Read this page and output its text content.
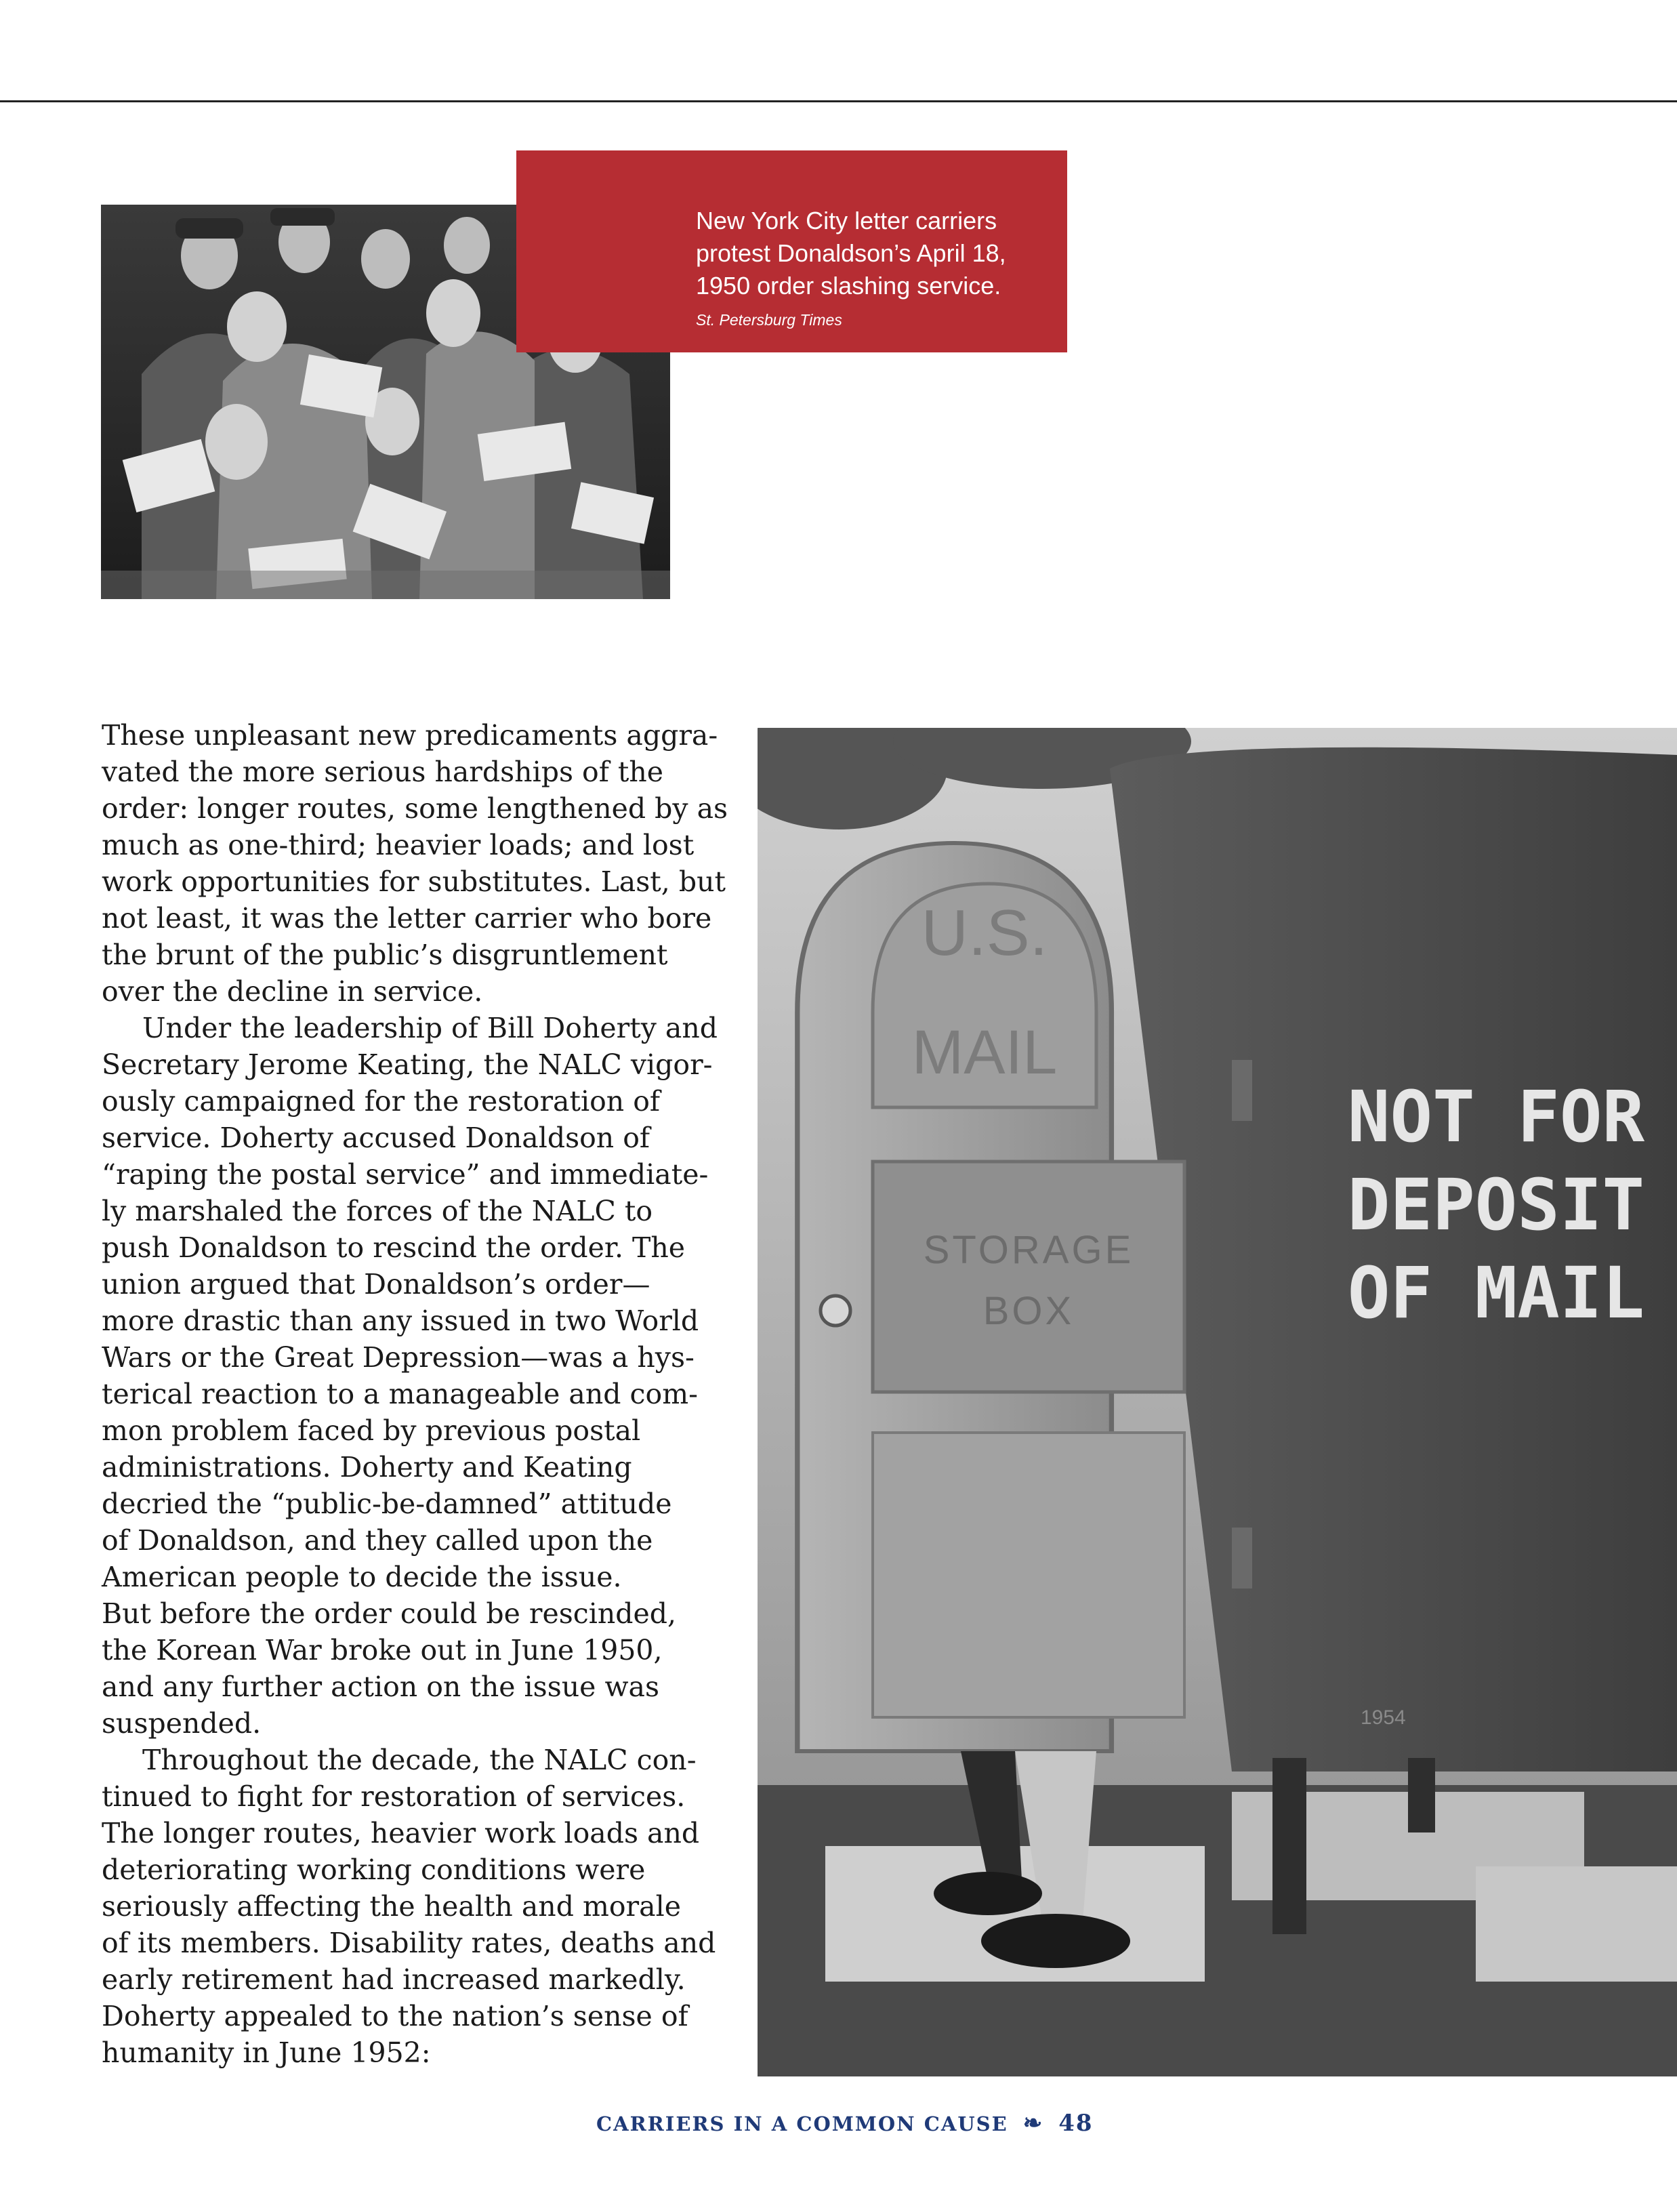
New York City letter carriers protest Donaldson’s April 18, 1950 order slashing service.
St. Petersburg Times
These unpleasant new predicaments aggra-
vated the more serious hardships of the
order: longer routes, some lengthened by as
much as one-third; heavier loads; and lost
work opportunities for substitutes. Last, but
not least, it was the letter carrier who bore
the brunt of the public’s disgruntlement
over the decline in service.
Under the leadership of Bill Doherty and
Secretary Jerome Keating, the NALC vigor-
ously campaigned for the restoration of
service. Doherty accused Donaldson of
“raping the postal service” and immediate-
ly marshaled the forces of the NALC to
push Donaldson to rescind the order. The
union argued that Donaldson’s order—
more drastic than any issued in two World
Wars or the Great Depression—was a hys-
terical reaction to a manageable and com-
mon problem faced by previous postal
administrations. Doherty and Keating
decried the “public-be-damned” attitude
of Donaldson, and they called upon the
American people to decide the issue.
But before the order could be rescinded,
the Korean War broke out in June 1950,
and any further action on the issue was
suspended.
Throughout the decade, the NALC con-
tinued to fight for restoration of services.
The longer routes, heavier work loads and
deteriorating working conditions were
seriously affecting the health and morale
of its members. Disability rates, deaths and
early retirement had increased markedly.
Doherty appealed to the nation’s sense of
humanity in June 1952:
U.S.
MAIL
STORAGE
BOX
NOT FOR
DEPOSIT
OF MAIL
1954
CARRIERS IN A COMMON CAUSE ❧ 48
